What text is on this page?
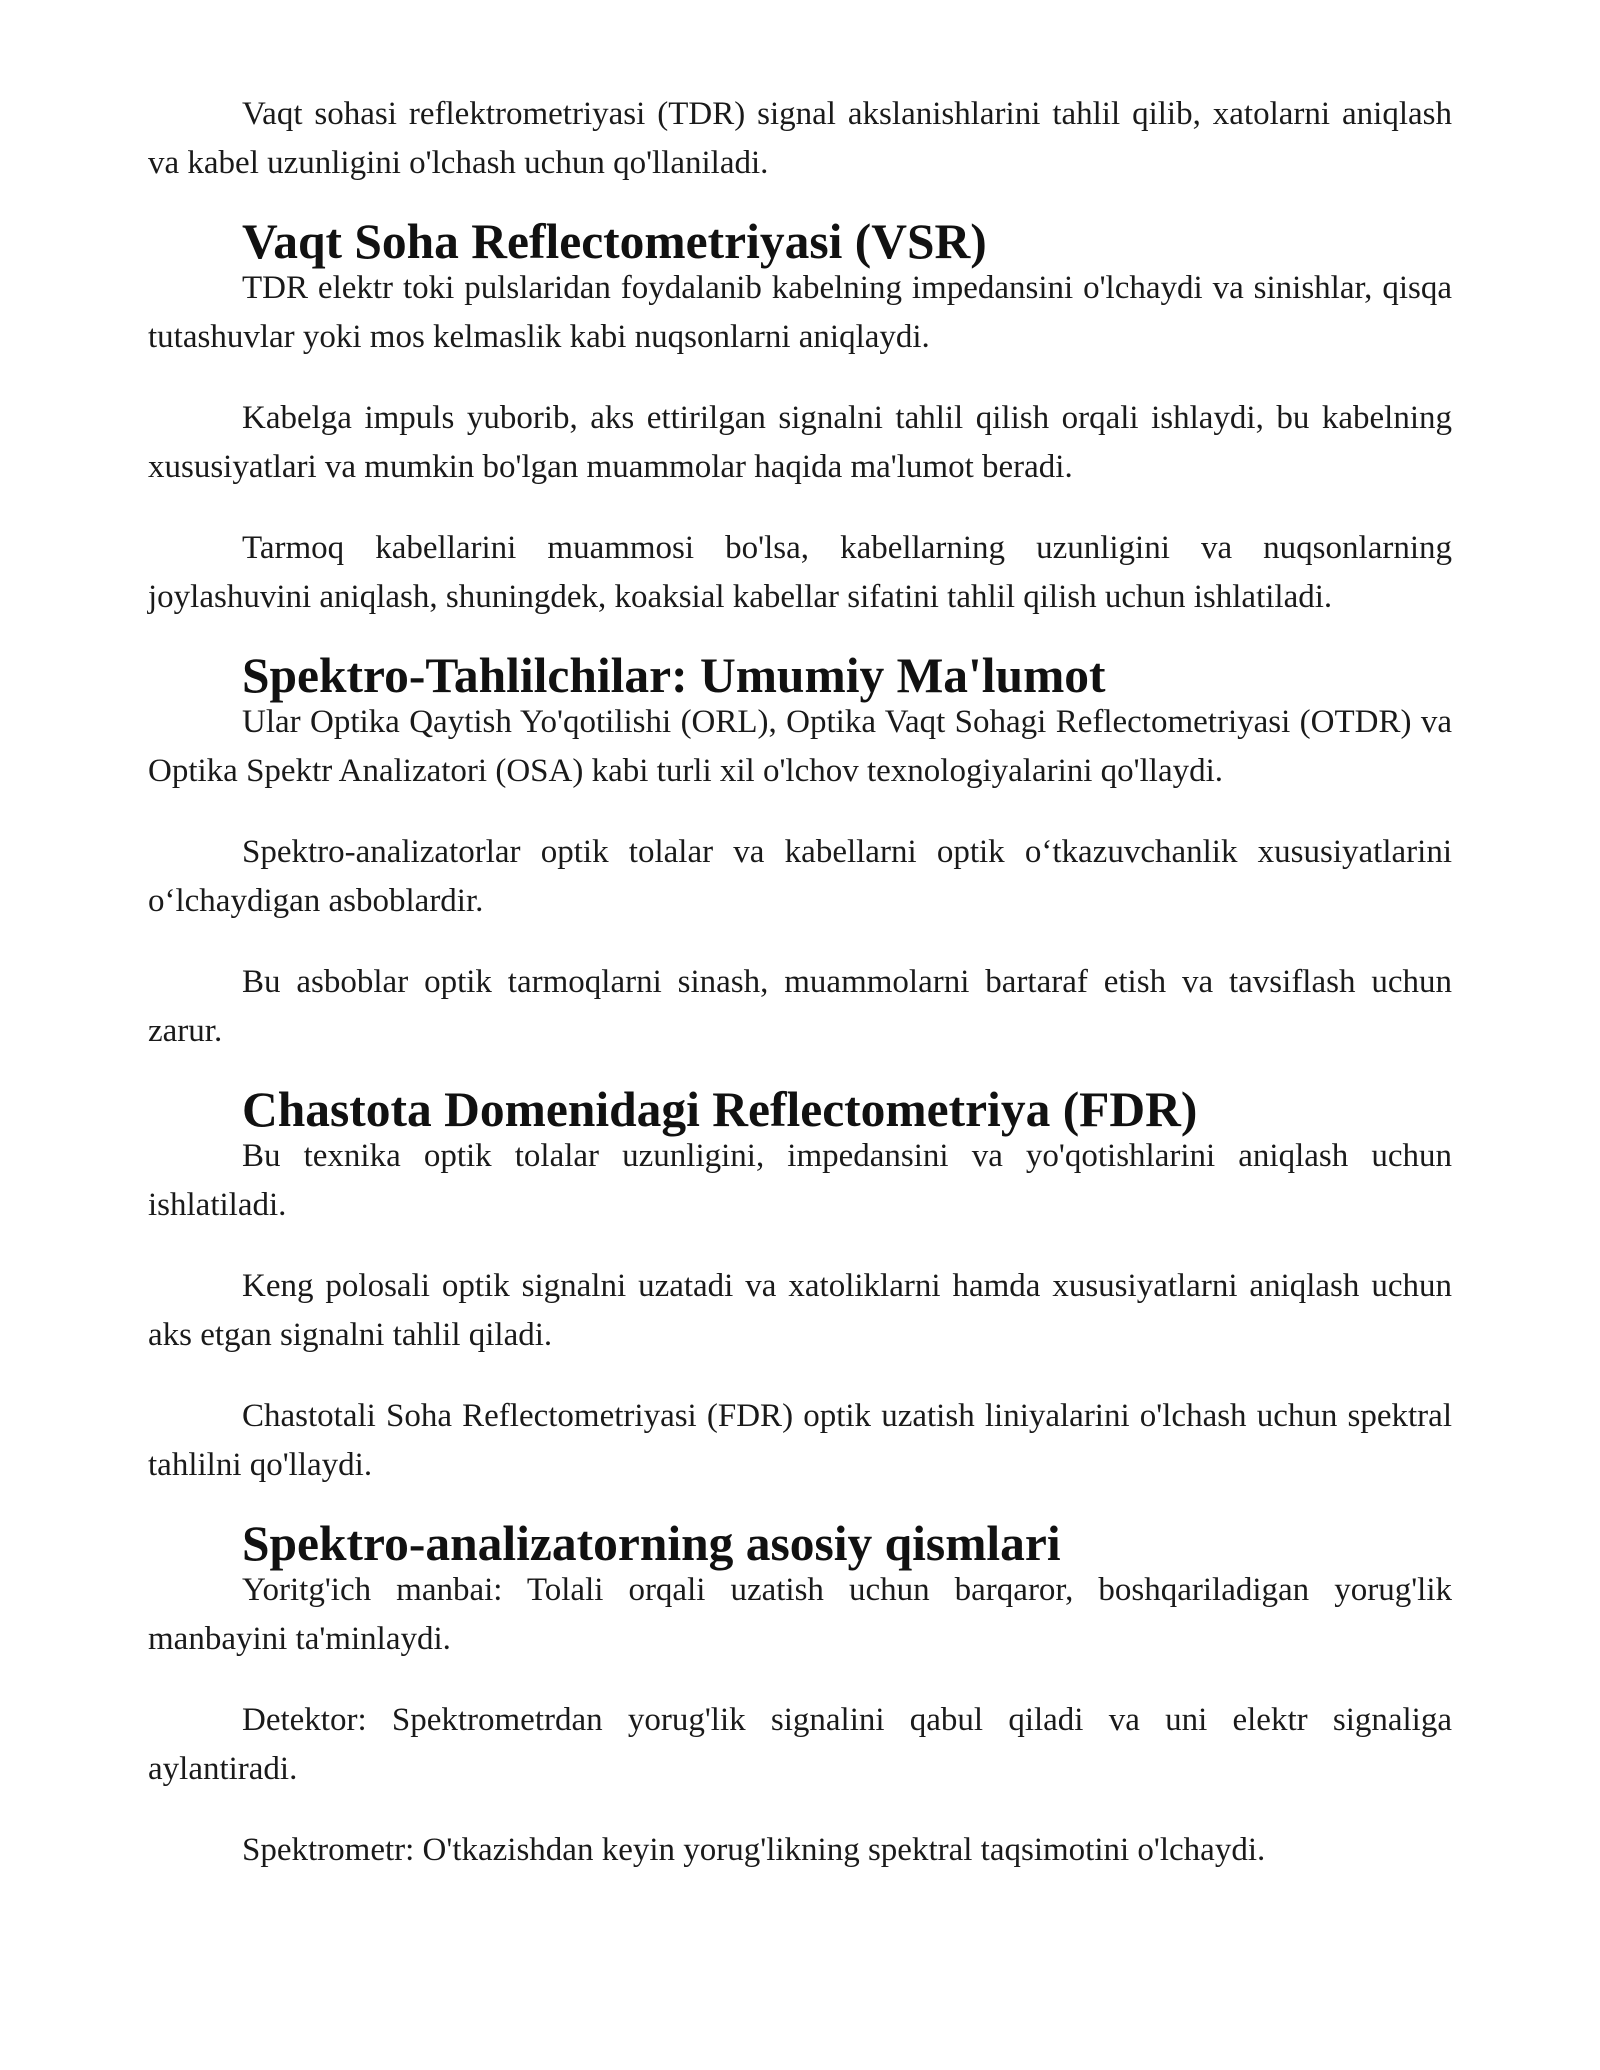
Vaqt sohasi reflektrometriyasi (TDR) signal akslanishlarini tahlil qilib, xatolarni aniqlash va kabel uzunligini o'lchash uchun qo'llaniladi.

Vaqt Soha Reflectometriyasi (VSR)

TDR elektr toki pulslaridan foydalanib kabelning impedansini o'lchaydi va sinishlar, qisqa tutashuvlar yoki mos kelmaslik kabi nuqsonlarni aniqlaydi.

Kabelga impuls yuborib, aks ettirilgan signalni tahlil qilish orqali ishlaydi, bu kabelning xususiyatlari va mumkin bo'lgan muammolar haqida ma'lumot beradi.

Tarmoq kabellarini muammosi bo'lsa, kabellarning uzunligini va nuqsonlarning joylashuvini aniqlash, shuningdek, koaksial kabellar sifatini tahlil qilish uchun ishlatiladi.

Spektro-Tahlilchilar: Umumiy Ma'lumot

Ular Optika Qaytish Yo'qotilishi (ORL), Optika Vaqt Sohagi Reflectometriyasi (OTDR) va Optika Spektr Analizatori (OSA) kabi turli xil o'lchov texnologiyalarini qo'llaydi.

Spektro-analizatorlar optik tolalar va kabellarni optik o‘tkazuvchanlik xususiyatlarini o‘lchaydigan asboblardir.

Bu asboblar optik tarmoqlarni sinash, muammolarni bartaraf etish va tavsiflash uchun zarur.

Chastota Domenidagi Reflectometriya (FDR)

Bu texnika optik tolalar uzunligini, impedansini va yo'qotishlarini aniqlash uchun ishlatiladi.

Keng polosali optik signalni uzatadi va xatoliklarni hamda xususiyatlarni aniqlash uchun aks etgan signalni tahlil qiladi.

Chastotali Soha Reflectometriyasi (FDR) optik uzatish liniyalarini o'lchash uchun spektral tahlilni qo'llaydi.

Spektro-analizatorning asosiy qismlari

Yoritg'ich manbai: Tolali orqali uzatish uchun barqaror, boshqariladigan yorug'lik manbayini ta'minlaydi.

Detektor: Spektrometrdan yorug'lik signalini qabul qiladi va uni elektr signaliga aylantiradi.

Spektrometr: O'tkazishdan keyin yorug'likning spektral taqsimotini o'lchaydi.
